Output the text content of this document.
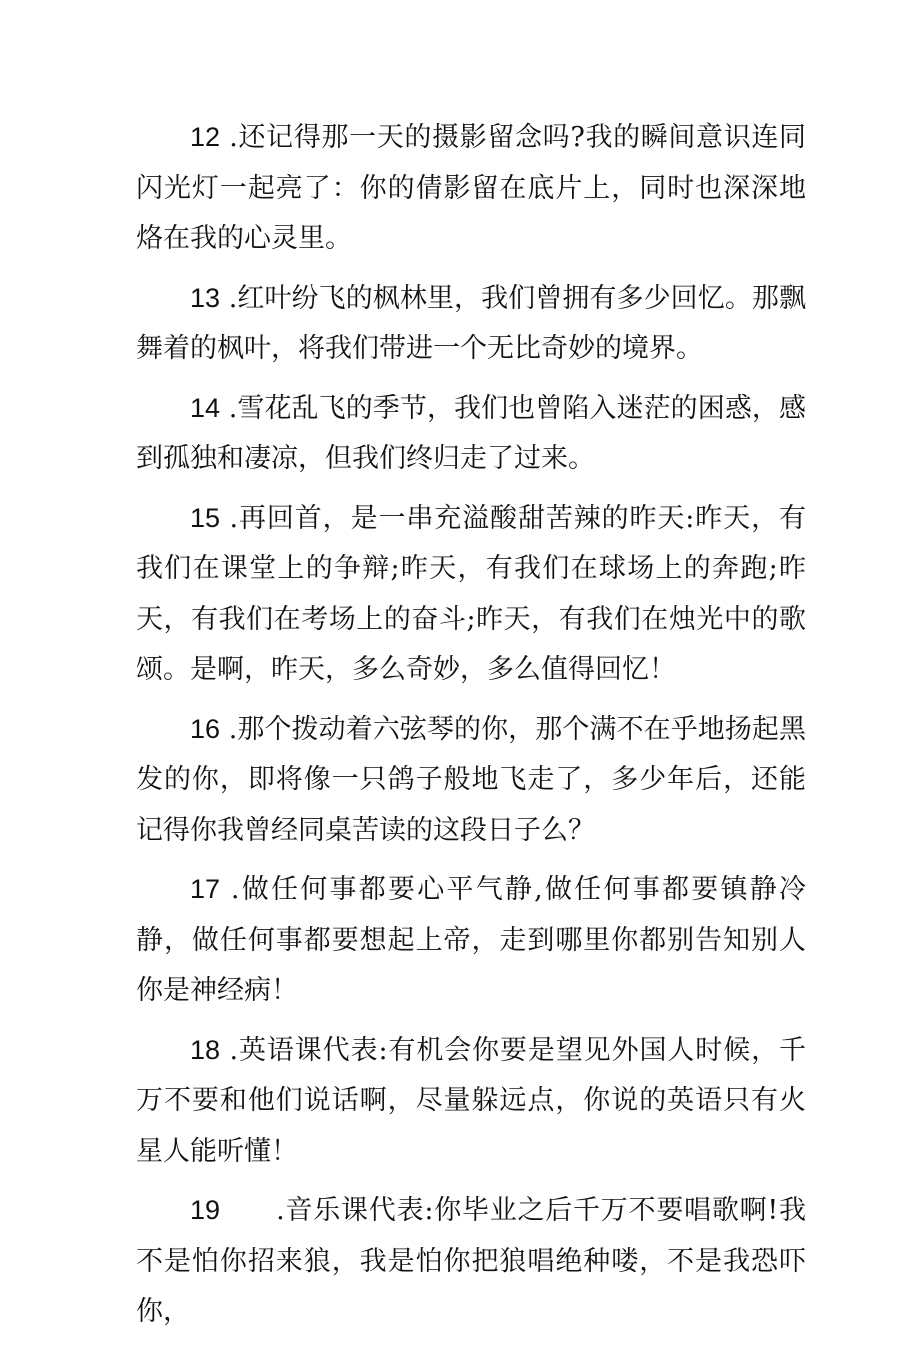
12 .还记得那一天的摄影留念吗?我的瞬间意识连同闪光灯一起亮了：你的倩影留在底片上，同时也深深地烙在我的心灵里。

13 .红叶纷飞的枫林里，我们曾拥有多少回忆。那飘舞着的枫叶，将我们带进一个无比奇妙的境界。

14 .雪花乱飞的季节，我们也曾陷入迷茫的困惑，感到孤独和凄凉，但我们终归走了过来。

15 .再回首，是一串充溢酸甜苦辣的昨天:昨天，有我们在课堂上的争辩;昨天，有我们在球场上的奔跑;昨天，有我们在考场上的奋斗;昨天，有我们在烛光中的歌颂。是啊，昨天，多么奇妙，多么值得回忆！

16 .那个拨动着六弦琴的你，那个满不在乎地扬起黑发的你，即将像一只鸽子般地飞走了，多少年后，还能记得你我曾经同桌苦读的这段日子么？

17 .做任何事都要心平气静,做任何事都要镇静冷静，做任何事都要想起上帝，走到哪里你都别告知别人你是神经病！

18 .英语课代表:有机会你要是望见外国人时候，千万不要和他们说话啊，尽量躲远点，你说的英语只有火星人能听懂！

19      .音乐课代表:你毕业之后千万不要唱歌啊!我不是怕你招来狼，我是怕你把狼唱绝种喽，不是我恐吓你，
